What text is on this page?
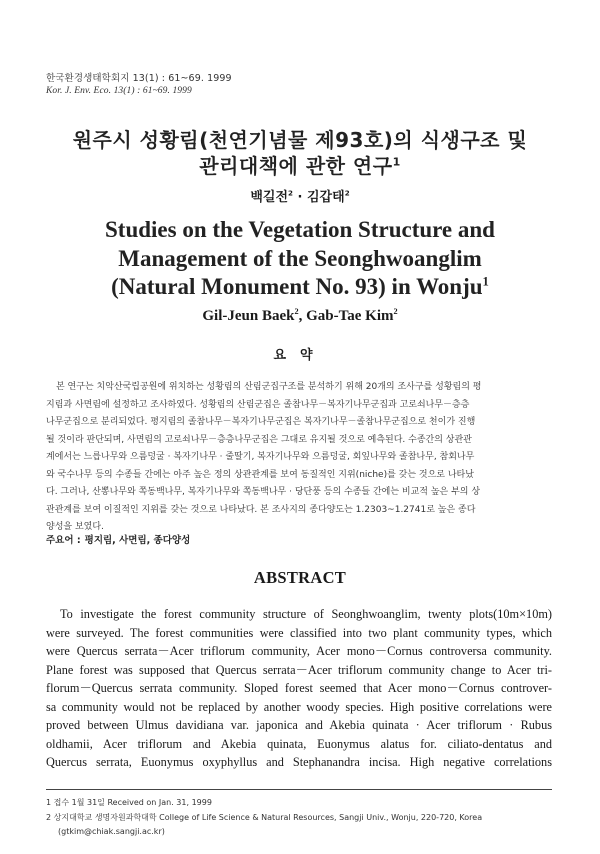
한국환경생태학회지 13(1) : 61~69. 1999
Kor. J. Env. Eco. 13(1) : 61~69. 1999
원주시 성황림(천연기념물 제93호)의 식생구조 및
관리대책에 관한 연구$^1$
백길전$^2$ · 김갑태$^2$
Studies on the Vegetation Structure and
Management of the Seonghwoanglim
(Natural Monument No. 93) in Wonju$^1$
Gil-Jeun Baek$^2$, Gab-Tae Kim$^2$
요약
본 연구는 치악산국립공원에 위치하는 성황림의 산림군집구조를 분석하기 위해 20개의 조사구를 성황림의 평
지림과 사면림에 설정하고 조사하였다. 성황림의 산림군집은 졸참나무－복자기나무군집과 고로쇠나무－층층
나무군집으로 분리되었다. 평지림의 졸참나무－복자기나무군집은 복자기나무－졸참나무군집으로 천이가 진행
될 것이라 판단되며, 사면림의 고로쇠나무－층층나무군집은 그대로 유지될 것으로 예측된다. 수종간의 상관관
계에서는 느릅나무와 으름덩굴 · 복자기나무 · 줄딸기, 복자기나무와 으름덩굴, 회잎나무와 졸참나무, 참회나무
와 국수나무 등의 수종들 간에는 아주 높은 정의 상관관계를 보여 동질적인 지위(niche)를 갖는 것으로 나타났
다. 그러나, 산뽕나무와 쪽동백나무, 복자기나무와 쪽동백나무 · 당단풍 등의 수종들 간에는 비교적 높은 부의 상
관관계를 보여 이질적인 지위를 갖는 것으로 나타났다. 본 조사지의 종다양도는 1.2303~1.2741로 높은 종다
양성을 보였다.
주요어 : 평지림, 사면림, 종다양성
ABSTRACT
To investigate the forest community structure of Seonghwoanglim, twenty plots(10m×10m)
were surveyed. The forest communities were classified into two plant community types, which
were Quercus serrata－Acer triflorum community, Acer mono－Cornus controversa community.
Plane forest was supposed that Quercus serrata－Acer triflorum community change to Acer tri-
florum－Quercus serrata community. Sloped forest seemed that Acer mono－Cornus controver-
sa community would not be replaced by another woody species. High positive correlations were
proved between Ulmus davidiana var. japonica and Akebia quinata · Acer triflorum · Rubus
oldhamii, Acer triflorum and Akebia quinata, Euonymus alatus for. ciliato-dentatus and
Quercus serrata, Euonymus oxyphyllus and Stephanandra incisa. High negative correlations
1 접수 1월 31일 Received on Jan. 31, 1999
2 상지대학교 생명자원과학대학 College of Life Science & Natural Resources, Sangji Univ., Wonju, 220-720, Korea
(gtkim@chiak.sangji.ac.kr)
